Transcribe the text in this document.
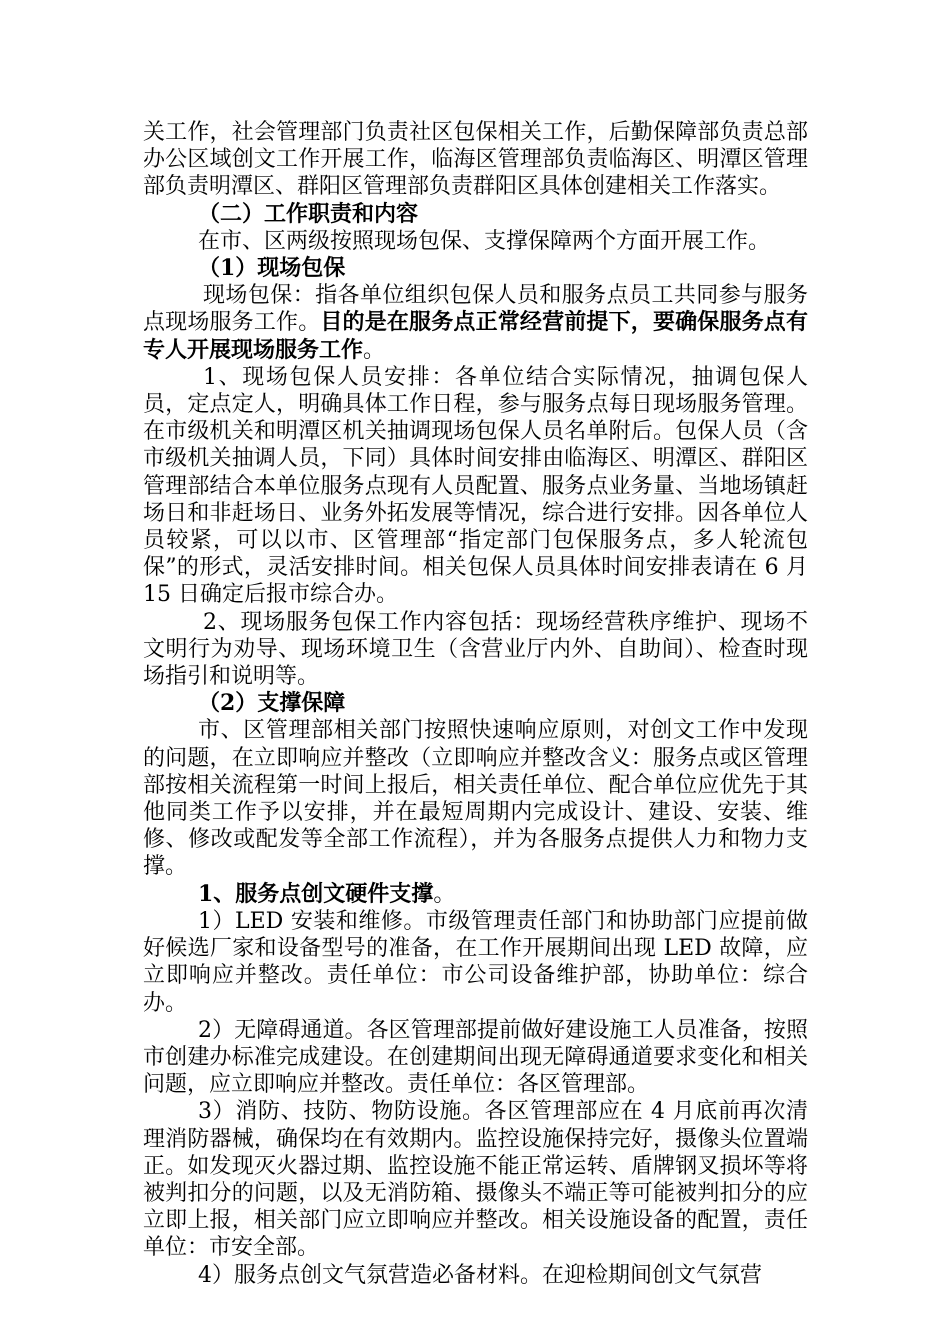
关工作，社会管理部门负责社区包保相关工作，后勤保障部负责总部办公区域创文工作开展工作，临海区管理部负责临海区、明潭区管理部负责明潭区、群阳区管理部负责群阳区具体创建相关工作落实。

（二）工作职责和内容

在市、区两级按照现场包保、支撑保障两个方面开展工作。

（1）现场包保

现场包保：指各单位组织包保人员和服务点员工共同参与服务点现场服务工作。目的是在服务点正常经营前提下，要确保服务点有专人开展现场服务工作。

1、现场包保人员安排：各单位结合实际情况，抽调包保人员，定点定人，明确具体工作日程，参与服务点每日现场服务管理。在市级机关和明潭区机关抽调现场包保人员名单附后。包保人员（含市级机关抽调人员，下同）具体时间安排由临海区、明潭区、群阳区管理部结合本单位服务点现有人员配置、服务点业务量、当地场镇赶场日和非赶场日、业务外拓发展等情况，综合进行安排。因各单位人员较紧，可以以市、区管理部“指定部门包保服务点，多人轮流包保”的形式，灵活安排时间。相关包保人员具体时间安排表请在 6 月 15 日确定后报市综合办。

2、现场服务包保工作内容包括：现场经营秩序维护、现场不文明行为劝导、现场环境卫生（含营业厅内外、自助间）、检查时现场指引和说明等。

（2）支撑保障

市、区管理部相关部门按照快速响应原则，对创文工作中发现的问题，在立即响应并整改（立即响应并整改含义：服务点或区管理部按相关流程第一时间上报后，相关责任单位、配合单位应优先于其他同类工作予以安排，并在最短周期内完成设计、建设、安装、维修、修改或配发等全部工作流程），并为各服务点提供人力和物力支撑。

1、服务点创文硬件支撑。

1）LED 安装和维修。市级管理责任部门和协助部门应提前做好候选厂家和设备型号的准备，在工作开展期间出现 LED 故障，应立即响应并整改。责任单位：市公司设备维护部，协助单位：综合办。

2）无障碍通道。各区管理部提前做好建设施工人员准备，按照市创建办标准完成建设。在创建期间出现无障碍通道要求变化和相关问题，应立即响应并整改。责任单位：各区管理部。

3）消防、技防、物防设施。各区管理部应在 4 月底前再次清理消防器械，确保均在有效期内。监控设施保持完好，摄像头位置端正。如发现灭火器过期、监控设施不能正常运转、盾牌钢叉损坏等将被判扣分的问题，以及无消防箱、摄像头不端正等可能被判扣分的应立即上报，相关部门应立即响应并整改。相关设施设备的配置，责任单位：市安全部。

4）服务点创文气氛营造必备材料。在迎检期间创文气氛营
